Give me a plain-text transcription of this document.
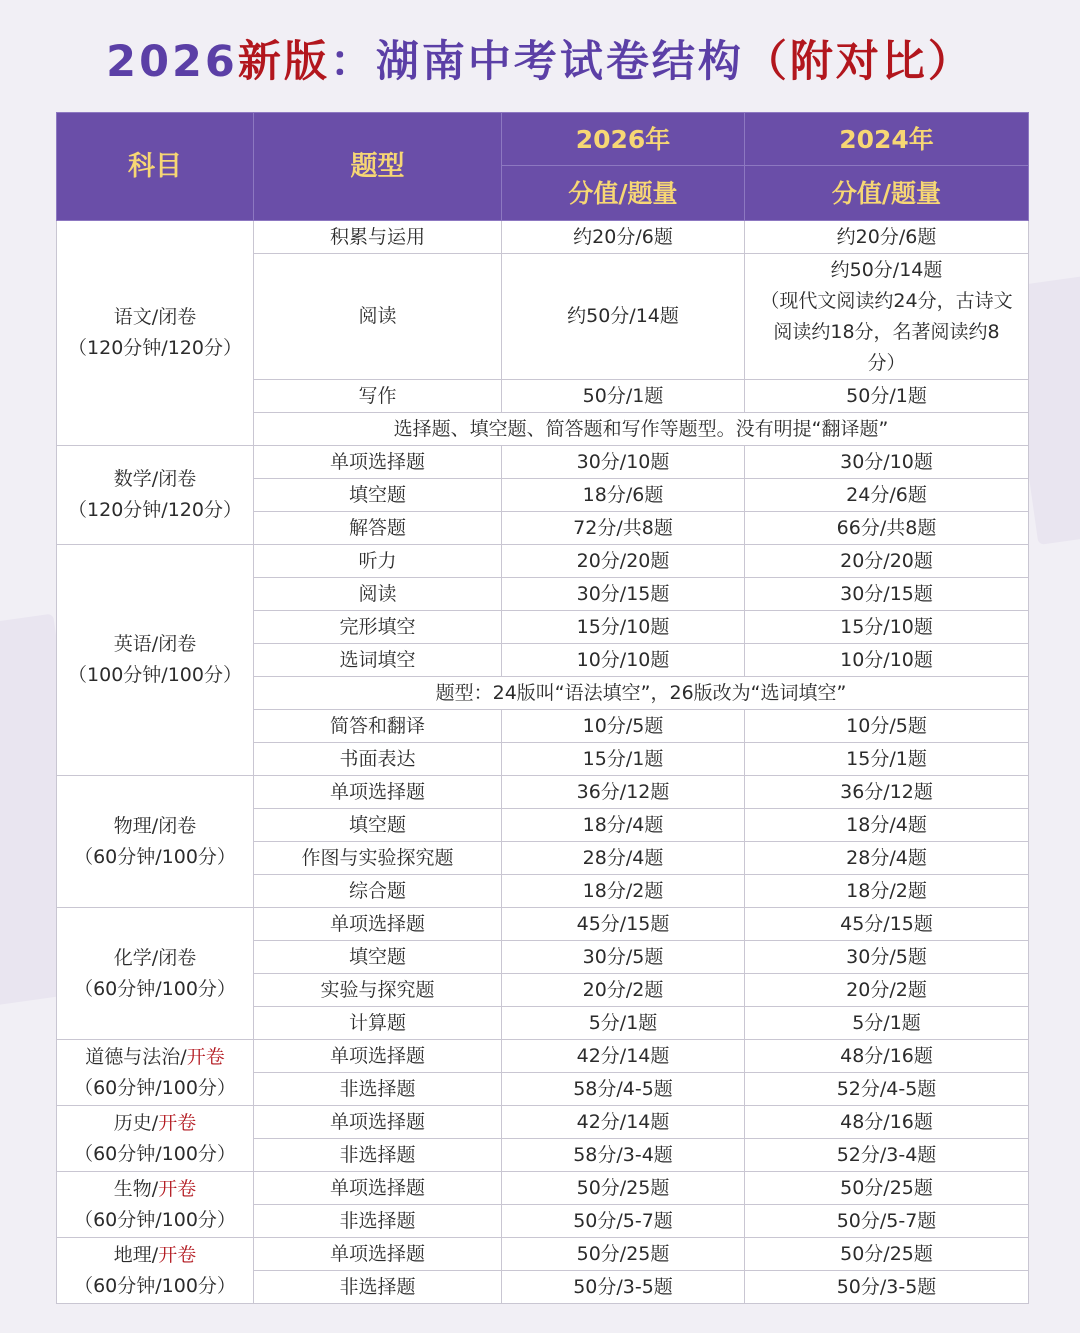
2026新版：湖南中考试卷结构（附对比）
科目	题型	2026年	2024年
		分值/题量	分值/题量
语文/闭卷
（120分钟/120分）	积累与运用	约20分/6题	约20分/6题
	阅读	约50分/14题	约50分/14题
（现代文阅读约24分，古诗文
阅读约18分，名著阅读约8
分）
	写作	50分/1题	50分/1题
	选择题、填空题、简答题和写作等题型。没有明提“翻译题”		
数学/闭卷
（120分钟/120分）	单项选择题	30分/10题	30分/10题
	填空题	18分/6题	24分/6题
	解答题	72分/共8题	66分/共8题
英语/闭卷
（100分钟/100分）	听力	20分/20题	20分/20题
	阅读	30分/15题	30分/15题
	完形填空	15分/10题	15分/10题
	选词填空	10分/10题	10分/10题
	题型：24版叫“语法填空”，26版改为“选词填空”		
	简答和翻译	10分/5题	10分/5题
	书面表达	15分/1题	15分/1题
物理/闭卷
（60分钟/100分）	单项选择题	36分/12题	36分/12题
	填空题	18分/4题	18分/4题
	作图与实验探究题	28分/4题	28分/4题
	综合题	18分/2题	18分/2题
化学/闭卷
（60分钟/100分）	单项选择题	45分/15题	45分/15题
	填空题	30分/5题	30分/5题
	实验与探究题	20分/2题	20分/2题
	计算题	5分/1题	5分/1题
道德与法治/开卷
（60分钟/100分）	单项选择题	42分/14题	48分/16题
	非选择题	58分/4-5题	52分/4-5题
历史/开卷
（60分钟/100分）	单项选择题	42分/14题	48分/16题
	非选择题	58分/3-4题	52分/3-4题
生物/开卷
（60分钟/100分）	单项选择题	50分/25题	50分/25题
	非选择题	50分/5-7题	50分/5-7题
地理/开卷
（60分钟/100分）	单项选择题	50分/25题	50分/25题
	非选择题	50分/3-5题	50分/3-5题
